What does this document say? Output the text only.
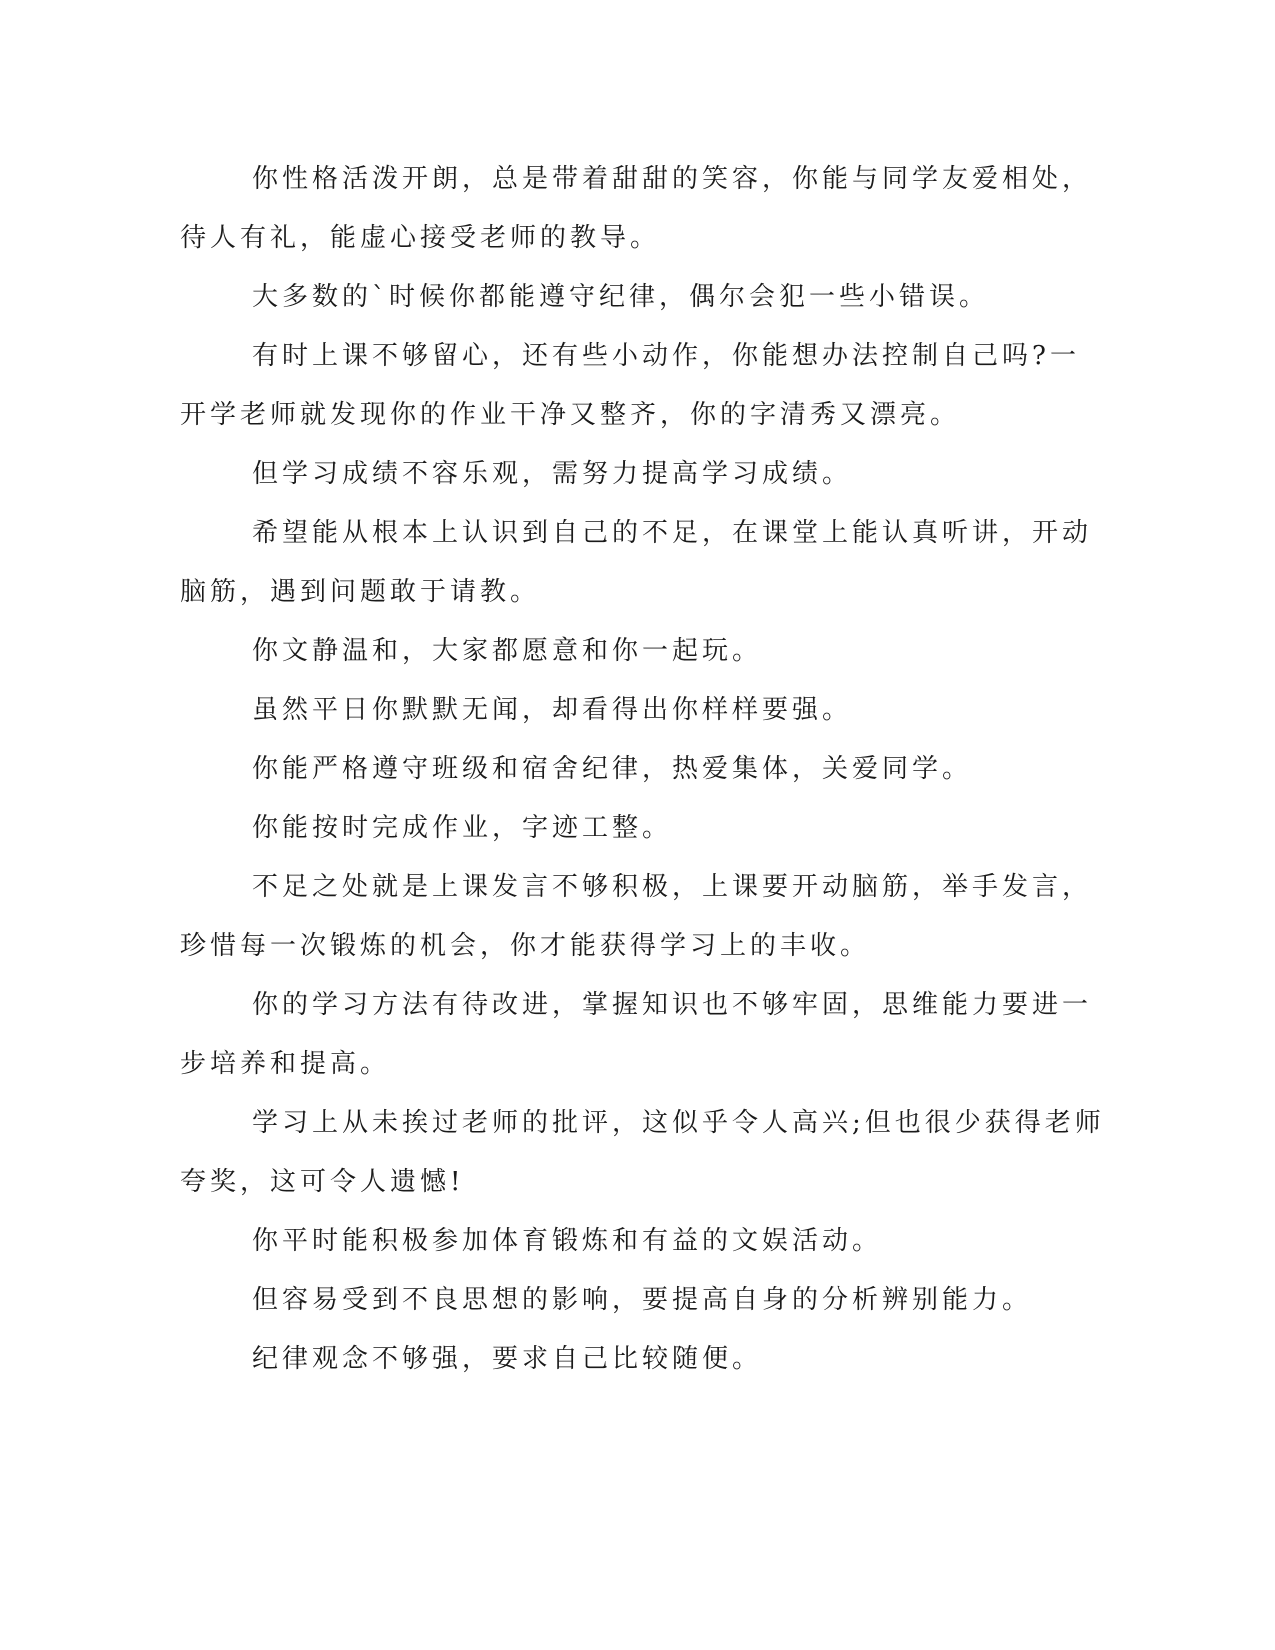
你性格活泼开朗，总是带着甜甜的笑容，你能与同学友爱相处，
待人有礼，能虚心接受老师的教导。

大多数的`时候你都能遵守纪律，偶尔会犯一些小错误。

有时上课不够留心，还有些小动作，你能想办法控制自己吗?一
开学老师就发现你的作业干净又整齐，你的字清秀又漂亮。

但学习成绩不容乐观，需努力提高学习成绩。

希望能从根本上认识到自己的不足，在课堂上能认真听讲，开动
脑筋，遇到问题敢于请教。

你文静温和，大家都愿意和你一起玩。

虽然平日你默默无闻，却看得出你样样要强。

你能严格遵守班级和宿舍纪律，热爱集体，关爱同学。

你能按时完成作业，字迹工整。

不足之处就是上课发言不够积极，上课要开动脑筋，举手发言，
珍惜每一次锻炼的机会，你才能获得学习上的丰收。

你的学习方法有待改进，掌握知识也不够牢固，思维能力要进一
步培养和提高。

学习上从未挨过老师的批评，这似乎令人高兴;但也很少获得老师
夸奖，这可令人遗憾!

你平时能积极参加体育锻炼和有益的文娱活动。

但容易受到不良思想的影响，要提高自身的分析辨别能力。

纪律观念不够强，要求自己比较随便。
